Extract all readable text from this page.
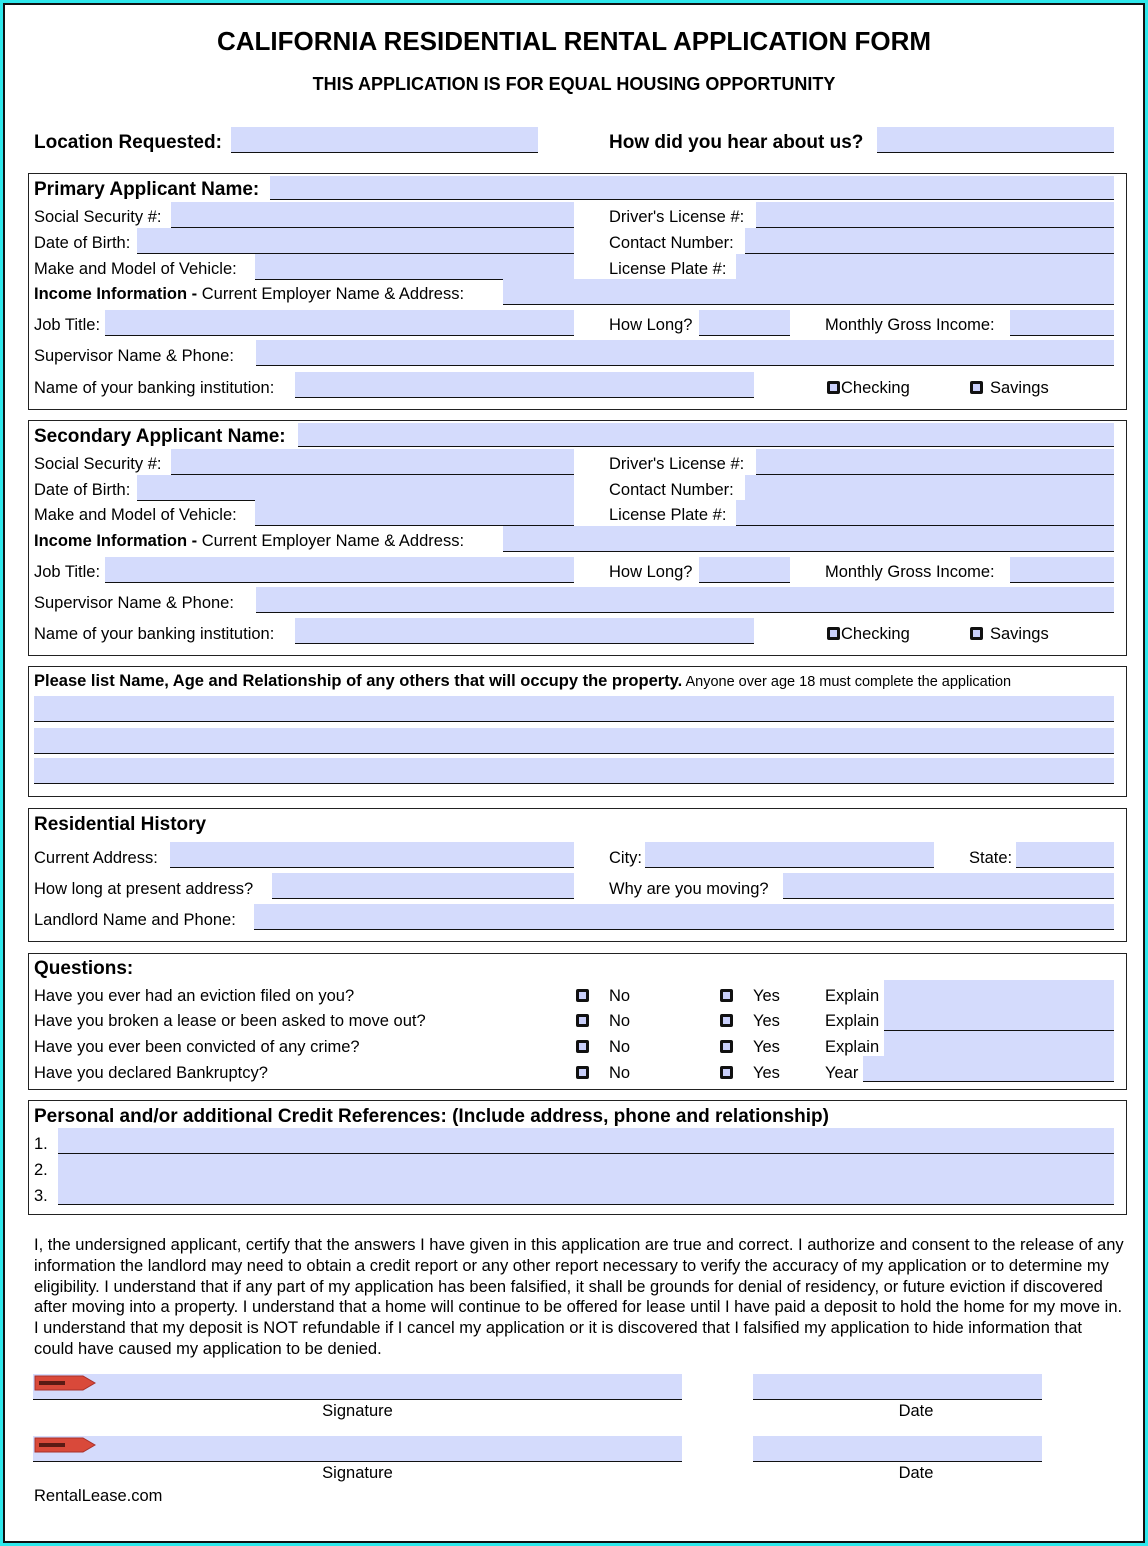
CALIFORNIA RESIDENTIAL RENTAL APPLICATION FORM
THIS APPLICATION IS FOR EQUAL HOUSING OPPORTUNITY
Location Requested:	How did you hear about us?
Primary Applicant Name:
Social Security #:	Driver's License #:
Date of Birth:	Contact Number:
Make and Model of Vehicle:	License Plate #:
Income Information - Current Employer Name & Address:
Job Title:	How Long?	Monthly Gross Income:
Supervisor Name & Phone:
Name of your banking institution:	Checking	Savings
Secondary Applicant Name:
Social Security #:	Driver's License #:
Date of Birth:	Contact Number:
Make and Model of Vehicle:	License Plate #:
Income Information - Current Employer Name & Address:
Job Title:	How Long?	Monthly Gross Income:
Supervisor Name & Phone:
Name of your banking institution:	Checking	Savings
Please list Name, Age and Relationship of any others that will occupy the property. Anyone over age 18 must complete the application
Residential History
Current Address:	City:	State:
How long at present address?	Why are you moving?
Landlord Name and Phone:
Questions:
Have you ever had an eviction filed on you?	No	Yes	Explain
Have you broken a lease or been asked to move out?	No	Yes	Explain
Have you ever been convicted of any crime?	No	Yes	Explain
Have you declared Bankruptcy?	No	Yes	Year
Personal and/or additional Credit References: (Include address, phone and relationship)
1.
2.
3.
I, the undersigned applicant, certify that the answers I have given in this application are true and correct. I authorize and consent to the release of any information the landlord may need to obtain a credit report or any other report necessary to verify the accuracy of my application or to determine my eligibility. I understand that if any part of my application has been falsified, it shall be grounds for denial of residency, or future eviction if discovered after moving into a property. I understand that a home will continue to be offered for lease until I have paid a deposit to hold the home for my move in. I understand that my deposit is NOT refundable if I cancel my application or it is discovered that I falsified my application to hide information that could have caused my application to be denied.
Signature	Date
Signature	Date
RentalLease.com
